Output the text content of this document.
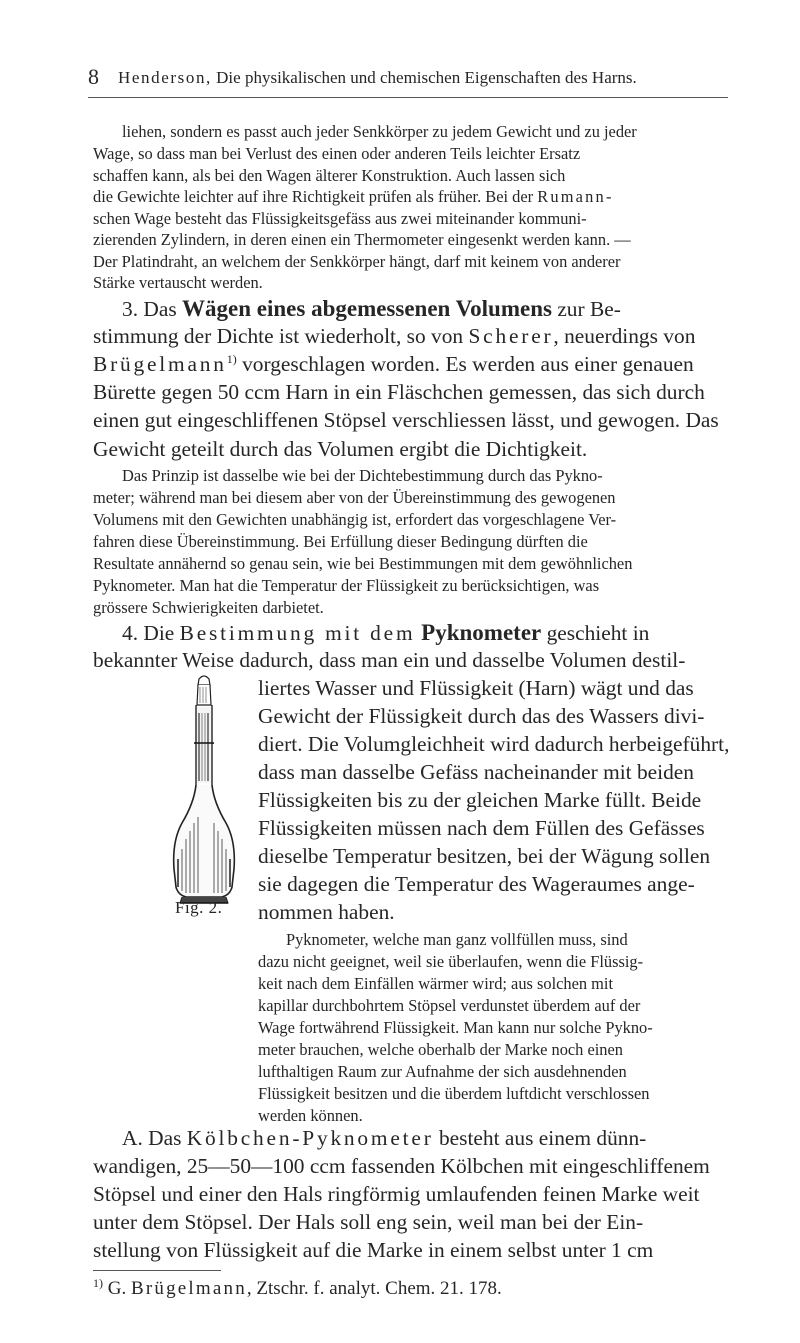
8 Henderson, Die physikalischen und chemischen Eigenschaften des Harns.
liehen, sondern es passt auch jeder Senkkörper zu jedem Gewicht und zu jeder
Wage, so dass man bei Verlust des einen oder anderen Teils leichter Ersatz
schaffen kann, als bei den Wagen älterer Konstruktion. Auch lassen sich
die Gewichte leichter auf ihre Richtigkeit prüfen als früher. Bei der Rumann-
schen Wage besteht das Flüssigkeitsgefäss aus zwei miteinander kommuni-
zierenden Zylindern, in deren einen ein Thermometer eingesenkt werden kann. —
Der Platindraht, an welchem der Senkkörper hängt, darf mit keinem von anderer
Stärke vertauscht werden.
3. Das Wägen eines abgemessenen Volumens zur Be-
stimmung der Dichte ist wiederholt, so von Scherer, neuerdings von
Brügelmann$^{1)}$ vorgeschlagen worden. Es werden aus einer genauen
Bürette gegen 50 ccm Harn in ein Fläschchen gemessen, das sich durch
einen gut eingeschliffenen Stöpsel verschliessen lässt, und gewogen. Das
Gewicht geteilt durch das Volumen ergibt die Dichtigkeit.
Das Prinzip ist dasselbe wie bei der Dichtebestimmung durch das Pykno-
meter; während man bei diesem aber von der Übereinstimmung des gewogenen
Volumens mit den Gewichten unabhängig ist, erfordert das vorgeschlagene Ver-
fahren diese Übereinstimmung. Bei Erfüllung dieser Bedingung dürften die
Resultate annähernd so genau sein, wie bei Bestimmungen mit dem gewöhnlichen
Pyknometer. Man hat die Temperatur der Flüssigkeit zu berücksichtigen, was
grössere Schwierigkeiten darbietet.
4. Die Bestimmung mit dem Pyknometer geschieht in
bekannter Weise dadurch, dass man ein und dasselbe Volumen destil-
liertes Wasser und Flüssigkeit (Harn) wägt und das
Gewicht der Flüssigkeit durch das des Wassers divi-
diert. Die Volumgleichheit wird dadurch herbeigeführt,
dass man dasselbe Gefäss nacheinander mit beiden
Flüssigkeiten bis zu der gleichen Marke füllt. Beide
Flüssigkeiten müssen nach dem Füllen des Gefässes
dieselbe Temperatur besitzen, bei der Wägung sollen
sie dagegen die Temperatur des Wageraumes ange-
nommen haben.
Pyknometer, welche man ganz vollfüllen muss, sind
dazu nicht geeignet, weil sie überlaufen, wenn die Flüssig-
keit nach dem Einfällen wärmer wird; aus solchen mit
kapillar durchbohrtem Stöpsel verdunstet überdem auf der
Wage fortwährend Flüssigkeit. Man kann nur solche Pykno-
meter brauchen, welche oberhalb der Marke noch einen
lufthaltigen Raum zur Aufnahme der sich ausdehnenden
Flüssigkeit besitzen und die überdem luftdicht verschlossen
werden können.
Fig. 2.
A. Das Kölbchen-Pyknometer besteht aus einem dünn-
wandigen, 25—50—100 ccm fassenden Kölbchen mit eingeschliffenem
Stöpsel und einer den Hals ringförmig umlaufenden feinen Marke weit
unter dem Stöpsel. Der Hals soll eng sein, weil man bei der Ein-
stellung von Flüssigkeit auf die Marke in einem selbst unter 1 cm
$^{1)}$ G. Brügelmann, Ztschr. f. analyt. Chem. 21. 178.
